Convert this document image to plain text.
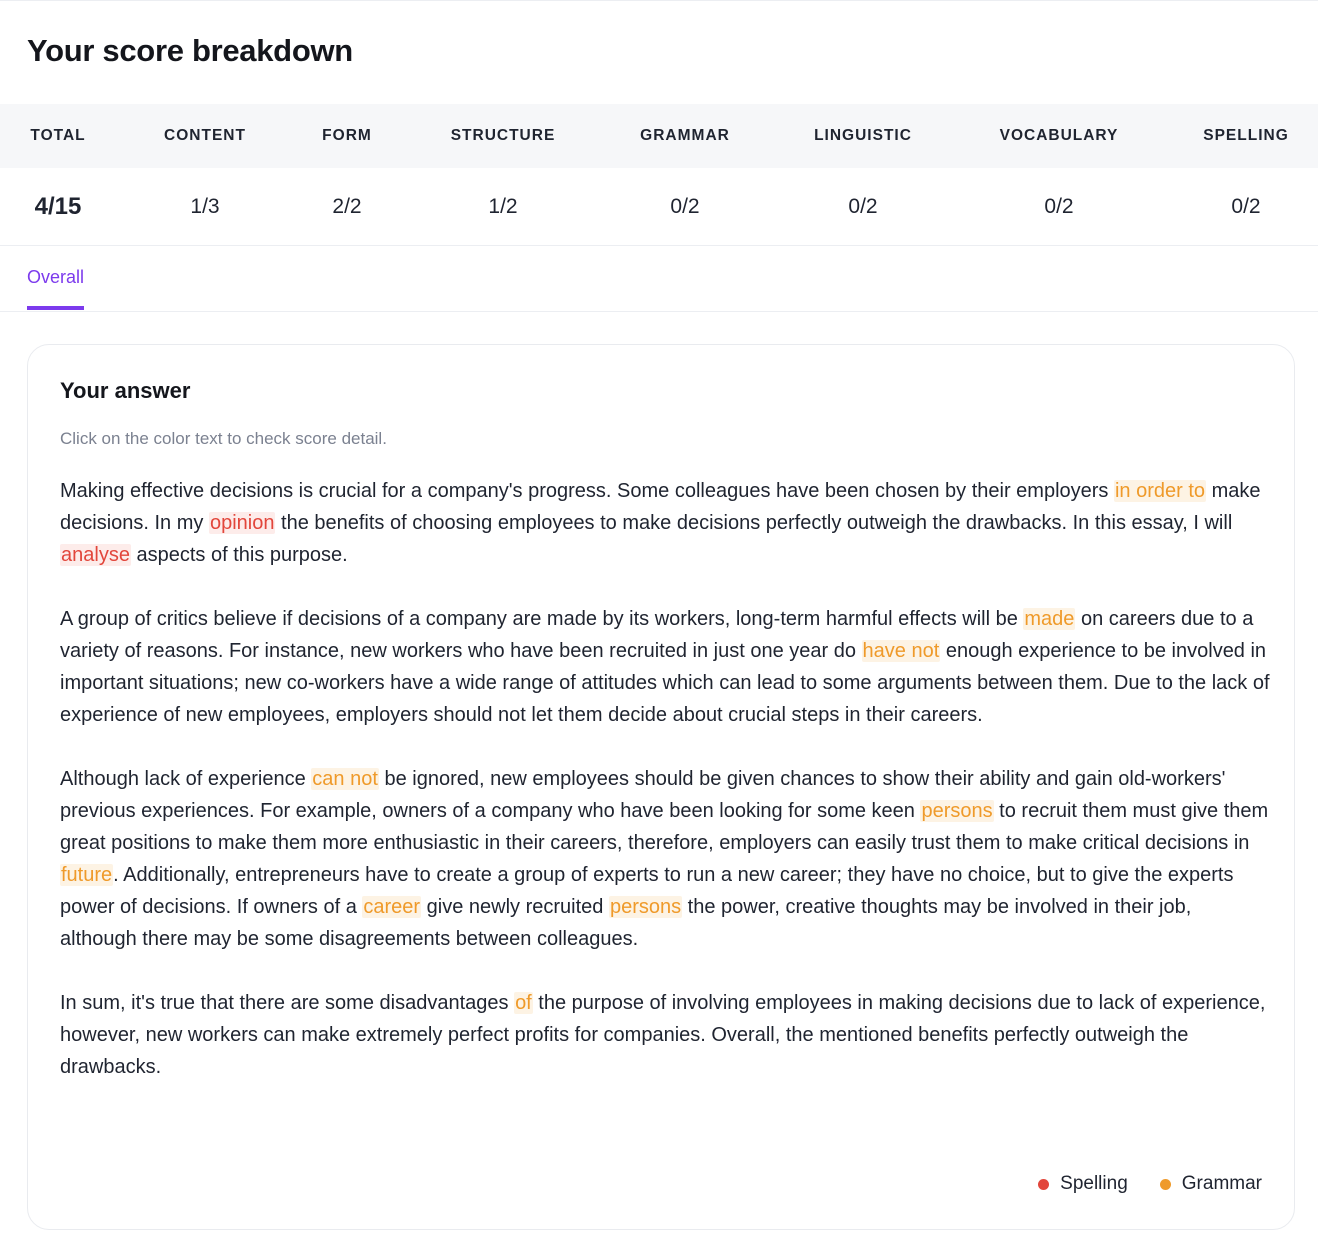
Your score breakdown
TOTAL	CONTENT	FORM	STRUCTURE	GRAMMAR	LINGUISTIC	VOCABULARY	SPELLING
4/15	1/3	2/2	1/2	0/2	0/2	0/2	0/2
Overall
Your answer
Click on the color text to check score detail.

Making effective decisions is crucial for a company's progress. Some colleagues have been chosen by their employers in order to make decisions. In my opinion the benefits of choosing employees to make decisions perfectly outweigh the drawbacks. In this essay, I will analyse aspects of this purpose.

A group of critics believe if decisions of a company are made by its workers, long-term harmful effects will be made on careers due to a variety of reasons. For instance, new workers who have been recruited in just one year do have not enough experience to be involved in important situations; new co-workers have a wide range of attitudes which can lead to some arguments between them. Due to the lack of experience of new employees, employers should not let them decide about crucial steps in their careers.

Although lack of experience can not be ignored, new employees should be given chances to show their ability and gain old-workers' previous experiences. For example, owners of a company who have been looking for some keen persons to recruit them must give them great positions to make them more enthusiastic in their careers, therefore, employers can easily trust them to make critical decisions in future. Additionally, entrepreneurs have to create a group of experts to run a new career; they have no choice, but to give the experts power of decisions. If owners of a career give newly recruited persons the power, creative thoughts may be involved in their job, although there may be some disagreements between colleagues.

In sum, it's true that there are some disadvantages of the purpose of involving employees in making decisions due to lack of experience, however, new workers can make extremely perfect profits for companies. Overall, the mentioned benefits perfectly outweigh the drawbacks.

Spelling	Grammar
